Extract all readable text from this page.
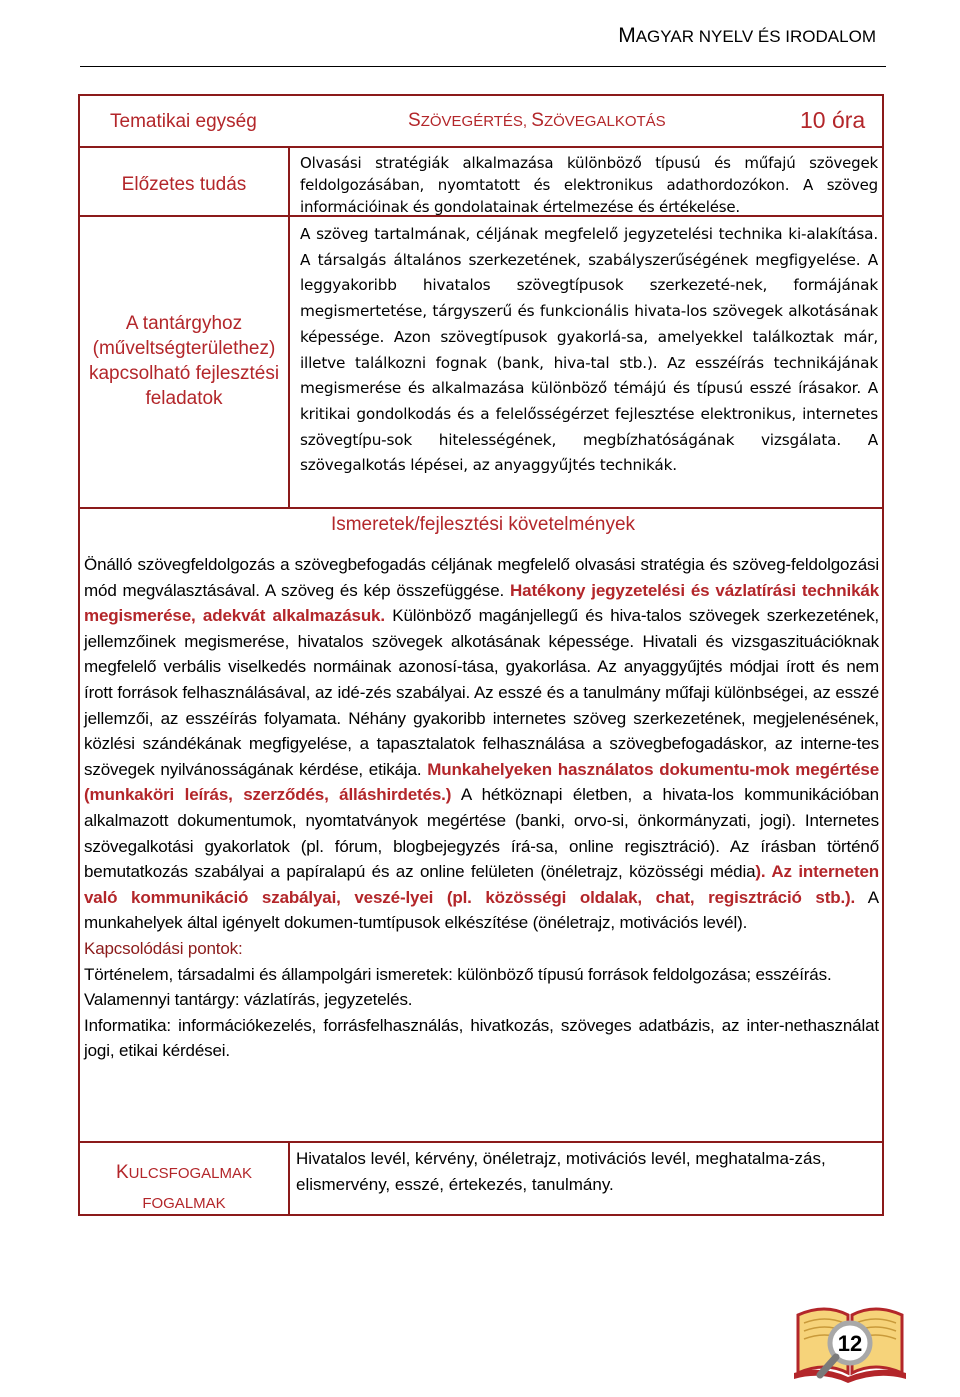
MAGYAR NYELV ÉS IRODALOM
Tematikai egység	SZÖVEGÉRTÉS, SZÖVEGALKOTÁS	10 óra
Előzetes tudás
Olvasási stratégiák alkalmazása különböző típusú és műfajú szövegek feldolgozásában, nyomtatott és elektronikus adathordozókon. A szöveg információinak és gondolatainak értelmezése és értékelése.
A tantárgyhoz (műveltségterülethez) kapcsolható fejlesztési feladatok
A szöveg tartalmának, céljának megfelelő jegyzetelési technika ki-alakítása. A társalgás általános szerkezetének, szabályszerűségének megfigyelése. A leggyakoribb hivatalos szövegtípusok szerkezeté-nek, formájának megismertetése, tárgyszerű és funkcionális hivata-los szövegek alkotásának képessége. Azon szövegtípusok gyakorlá-sa, amelyekkel találkoztak már, illetve találkozni fognak (bank, hiva-tal stb.). Az esszéírás technikájának megismerése és alkalmazása különböző témájú és típusú esszé írásakor. A kritikai gondolkodás és a felelősségérzet fejlesztése elektronikus, internetes szövegtípu-sok hitelességének, megbízhatóságának vizsgálata. A szövegalkotás lépései, az anyaggyűjtés technikák.
Ismeretek/fejlesztési követelmények
Önálló szövegfeldolgozás a szövegbefogadás céljának megfelelő olvasási stratégia és szöveg-feldolgozási mód megválasztásával. A szöveg és kép összefüggése. Hatékony jegyzetelési és vázlatírási technikák megismerése, adekvát alkalmazásuk. Különböző magánjellegű és hiva-talos szövegek szerkezetének, jellemzőinek megismerése, hivatalos szövegek alkotásának képessége. Hivatali és vizsgaszituációknak megfelelő verbális viselkedés normáinak azonosí-tása, gyakorlása. Az anyaggyűjtés módjai írott és nem írott források felhasználásával, az idé-zés szabályai. Az esszé és a tanulmány műfaji különbségei, az esszé jellemzői, az esszéírás folyamata. Néhány gyakoribb internetes szöveg szerkezetének, megjelenésének, közlési szándékának megfigyelése, a tapasztalatok felhasználása a szövegbefogadáskor, az interne-tes szövegek nyilvánosságának kérdése, etikája. Munkahelyeken használatos dokumentu-mok megértése (munkaköri leírás, szerződés, álláshirdetés.) A hétköznapi életben, a hivata-los kommunikációban alkalmazott dokumentumok, nyomtatványok megértése (banki, orvo-si, önkormányzati, jogi). Internetes szövegalkotási gyakorlatok (pl. fórum, blogbejegyzés írá-sa, online regisztráció). Az írásban történő bemutatkozás szabályai a papíralapú és az online felületen (önéletrajz, közösségi média). Az interneten való kommunikáció szabályai, veszé-lyei (pl. közösségi oldalak, chat, regisztráció stb.). A munkahelyek által igényelt dokumen-tumtípusok elkészítése (önéletrajz, motivációs levél).
Kapcsolódási pontok:
Történelem, társadalmi és állampolgári ismeretek: különböző típusú források feldolgozása; esszéírás.
Valamennyi tantárgy: vázlatírás, jegyzetelés.
Informatika: információkezelés, forrásfelhasználás, hivatkozás, szöveges adatbázis, az inter-nethasználat jogi, etikai kérdései.
KULCSFOGALMAK
FOGALMAK
Hivatalos levél, kérvény, önéletrajz, motivációs levél, meghatalma-zás, elismervény, esszé, értekezés, tanulmány.
12
